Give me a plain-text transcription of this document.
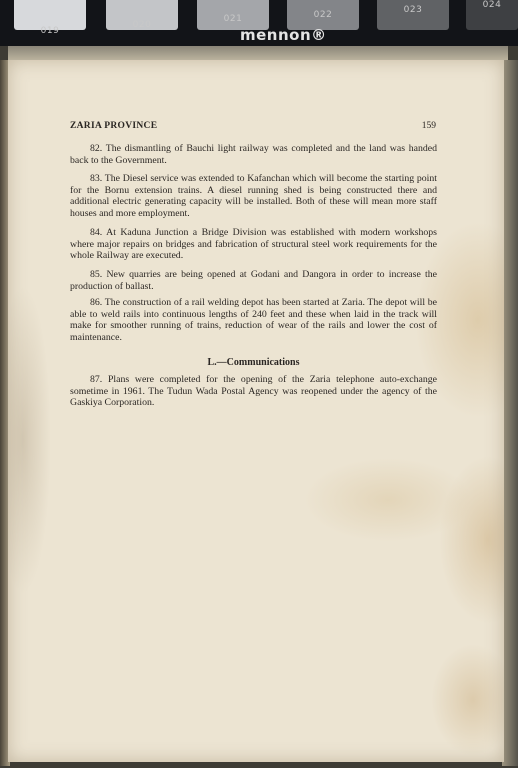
019
020
021	022	023	024
mennon®
ZARIA PROVINCE	159

82. The dismantling of Bauchi light railway was completed and the land was handed back to the Government.

83. The Diesel service was extended to Kafanchan which will become the starting point for the Bornu extension trains. A diesel running shed is being constructed there and additional electric generating capacity will be installed. Both of these will mean more staff houses and more employment.

84. At Kaduna Junction a Bridge Division was established with modern workshops where major repairs on bridges and fabrication of structural steel work requirements for the whole Railway are executed.

85. New quarries are being opened at Godani and Dangora in order to increase the production of ballast.

86. The construction of a rail welding depot has been started at Zaria. The depot will be able to weld rails into continuous lengths of 240 feet and these when laid in the track will make for smoother running of trains, reduction of wear of the rails and lower the cost of maintenance.

L.—Communications

87. Plans were completed for the opening of the Zaria telephone auto-exchange sometime in 1961. The Tudun Wada Postal Agency was reopened under the agency of the Gaskiya Corporation.
